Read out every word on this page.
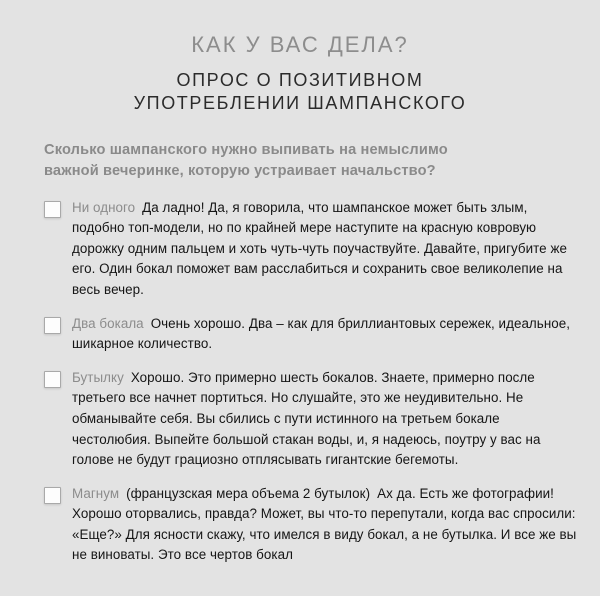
КАК У ВАС ДЕЛА?
ОПРОС О ПОЗИТИВНОМ
УПОТРЕБЛЕНИИ ШАМПАНСКОГО

Сколько шампанского нужно выпивать на немыслимо
важной вечеринке, которую устраивает начальство?

Ни одного Да ладно! Да, я говорила, что шампанское может быть злым, подобно топ-модели, но по крайней мере наступите на красную ковровую дорожку одним пальцем и хоть чуть-чуть поучаствуйте. Давайте, пригубите же его. Один бокал поможет вам расслабиться и сохранить свое великолепие на весь вечер.
Два бокала Очень хорошо. Два – как для бриллиантовых сережек, идеальное, шикарное количество.
Бутылку Хорошо. Это примерно шесть бокалов. Знаете, примерно после третьего все начнет портиться. Но слушайте, это же неудивительно. Не обманывайте себя. Вы сбились с пути истинного на третьем бокале честолюбия. Выпейте большой стакан воды, и, я надеюсь, поутру у вас на голове не будут грациозно отплясывать гигантские бегемоты.
Магнум (французская мера объема 2 бутылок) Ах да. Есть же фотографии! Хорошо оторвались, правда? Может, вы что-то перепутали, когда вас спросили: «Еще?» Для ясности скажу, что имелся в виду бокал, а не бутылка. И все же вы не виноваты. Это все чертов бокал
